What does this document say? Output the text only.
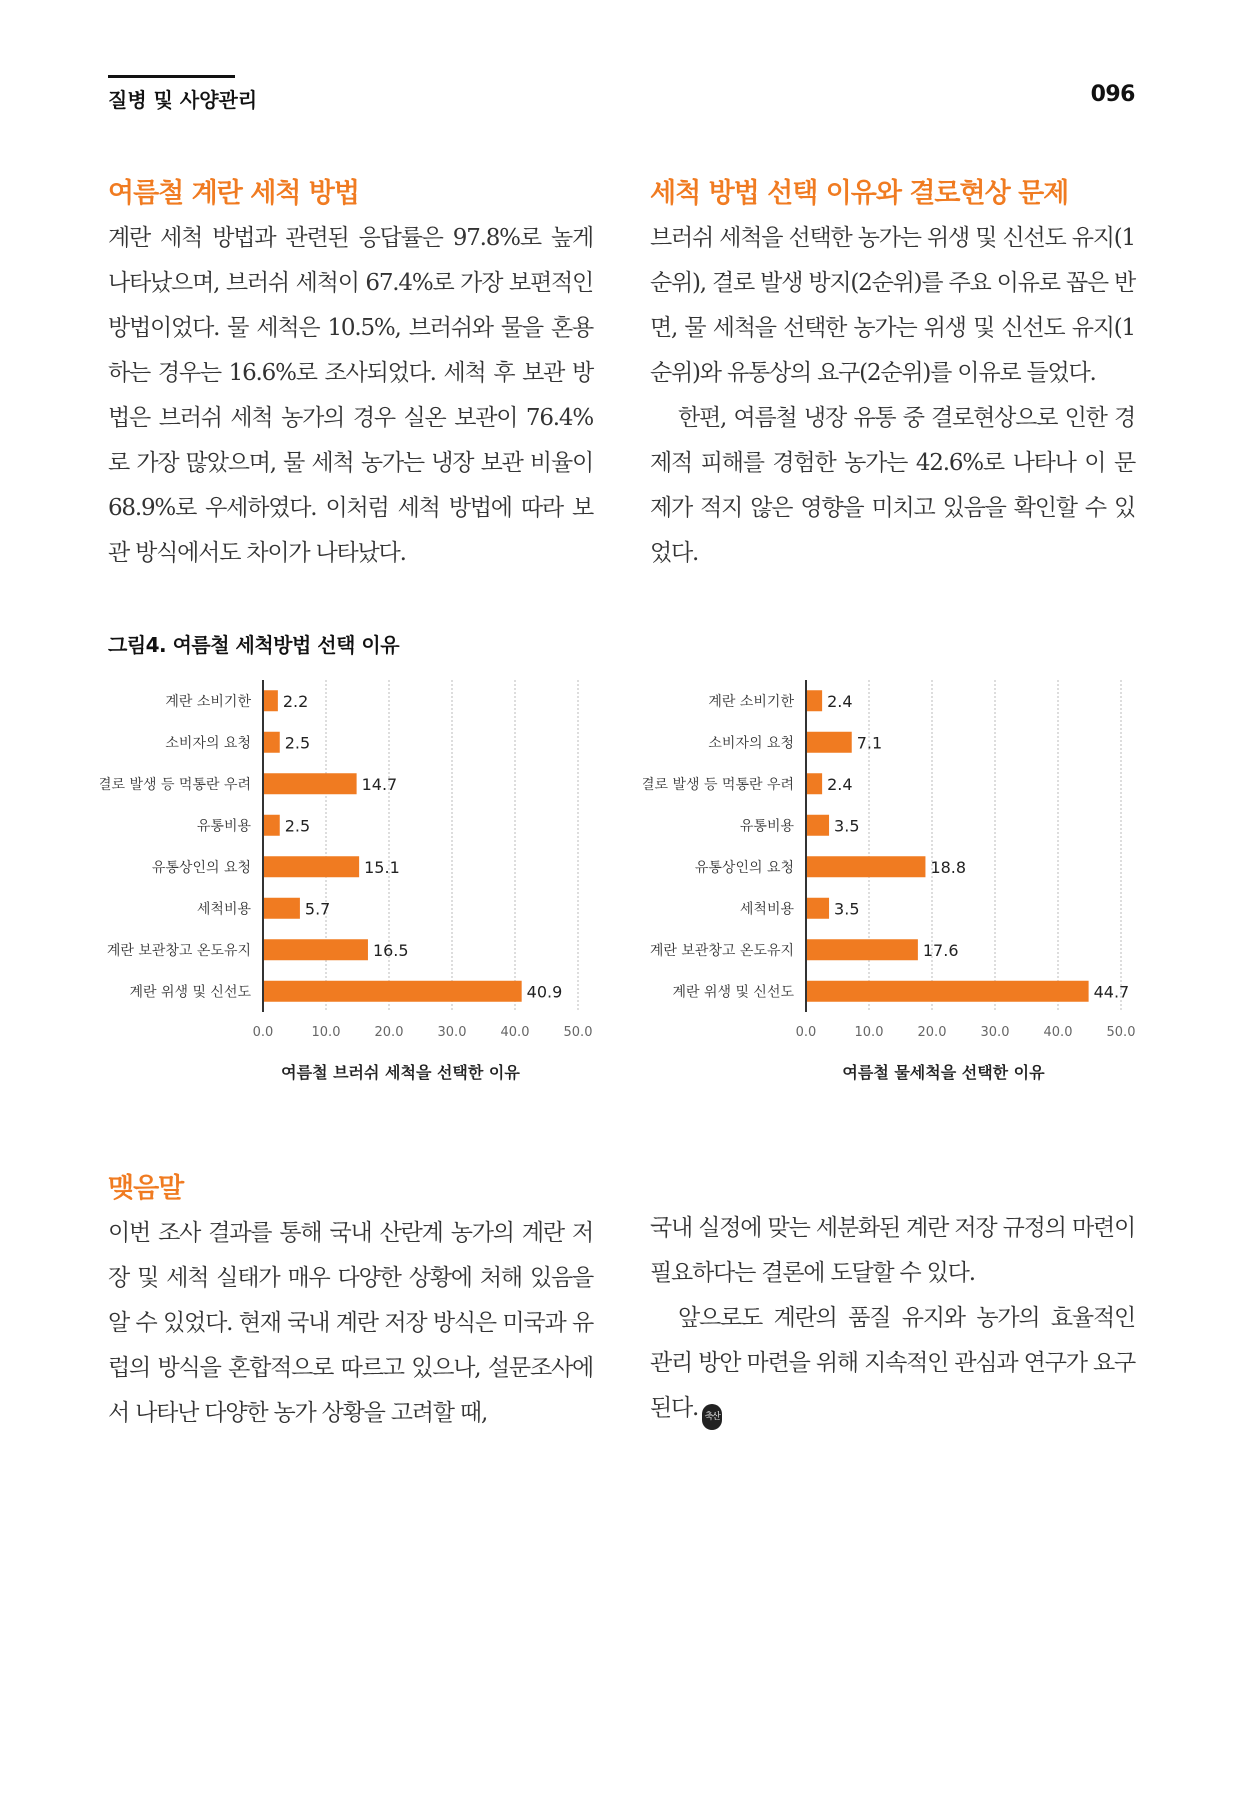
질병 및 사양관리	096
여름철 계란 세척 방법

계란 세척 방법과 관련된 응답률은 97.8%로 높게 나타났으며, 브러쉬 세척이 67.4%로 가장 보편적인 방법이었다. 물 세척은 10.5%, 브러쉬와 물을 혼용하는 경우는 16.6%로 조사되었다. 세척 후 보관 방법은 브러쉬 세척 농가의 경우 실온 보관이 76.4%로 가장 많았으며, 물 세척 농가는 냉장 보관 비율이 68.9%로 우세하였다. 이처럼 세척 방법에 따라 보관 방식에서도 차이가 나타났다.

세척 방법 선택 이유와 결로현상 문제

브러쉬 세척을 선택한 농가는 위생 및 신선도 유지(1순위), 결로 발생 방지(2순위)를 주요 이유로 꼽은 반면, 물 세척을 선택한 농가는 위생 및 신선도 유지(1순위)와 유통상의 요구(2순위)를 이유로 들었다.

한편, 여름철 냉장 유통 중 결로현상으로 인한 경제적 피해를 경험한 농가는 42.6%로 나타나 이 문제가 적지 않은 영향을 미치고 있음을 확인할 수 있었다.

그림4. 여름철 세척방법 선택 이유
0.0	10.0	20.0	30.0	40.0	50.0
계란 소비기한 2.2
소비자의 요청 2.5
결로 발생 등 먹통란 우려	14.7
유통비용 2.5
유통상인의 요청	15.1
세척비용	5.7
계란 보관창고 온도유지	16.5
계란 위생 및 신선도	40.9
여름철 브러쉬 세척을 선택한 이유
0.0	10.0	20.0	30.0	40.0	50.0
계란 소비기한 2.4
소비자의 요청	7.1
결로 발생 등 먹통란 우려 2.4
유통비용	3.5
유통상인의 요청	18.8
세척비용	3.5
계란 보관창고 온도유지	17.6
계란 위생 및 신선도	44.7
여름철 물세척을 선택한 이유
맺음말

이번 조사 결과를 통해 국내 산란계 농가의 계란 저장 및 세척 실태가 매우 다양한 상황에 처해 있음을 알 수 있었다. 현재 국내 계란 저장 방식은 미국과 유럽의 방식을 혼합적으로 따르고 있으나, 설문조사에서 나타난 다양한 농가 상황을 고려할 때,

국내 실정에 맞는 세분화된 계란 저장 규정의 마련이 필요하다는 결론에 도달할 수 있다.

앞으로도 계란의 품질 유지와 농가의 효율적인 관리 방안 마련을 위해 지속적인 관심과 연구가 요구된다. 축산
